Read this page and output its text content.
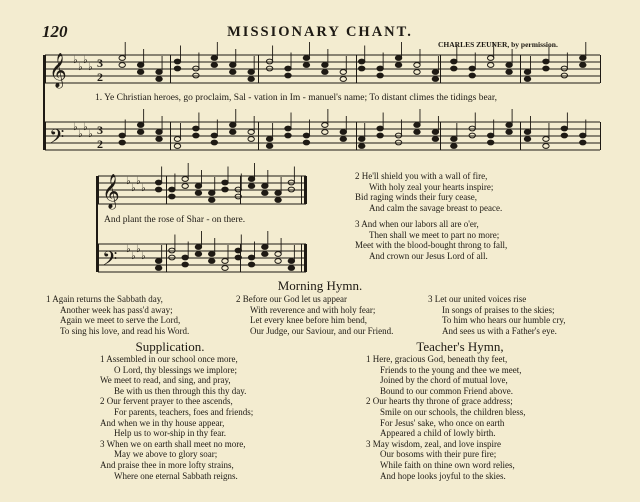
120	MISSIONARY CHANT.
CHARLES ZEUNER, by permission.
𝄞 ♭
♭
♭
♭ 3
2
𝄢 ♭
♭
♭
♭ 3
2
𝄞 ♭
♭
♭
♭
𝄢 ♭
♭
♭
♭
1. Ye Christian heroes, go proclaim, Sal - vation in Im - manuel's name; To distant climes the tidings bear,
And plant the rose of Shar - on there.
2 He'll shield you with a wall of fire,
With holy zeal your hearts inspire;
Bid raging winds their fury cease,
And calm the savage breast to peace.
3 And when our labors all are o'er,
Then shall we meet to part no more;
Meet with the blood-bought throng to fall,
And crown our Jesus Lord of all.
Morning Hymn.
1 Again returns the Sabbath day,
Another week has pass'd away;
Again we meet to serve the Lord,
To sing his love, and read his Word.
2 Before our God let us appear
With reverence and with holy fear;
Let every knee before him bend,
Our Judge, our Saviour, and our Friend.
3 Let our united voices rise
In songs of praises to the skies;
To him who hears our humble cry,
And sees us with a Father's eye.
Supplication.
1 Assembled in our school once more,
O Lord, thy blessings we implore;
We meet to read, and sing, and pray,
Be with us then through this thy day.
2 Our fervent prayer to thee ascends,
For parents, teachers, foes and friends;
And when we in thy house appear,
Help us to wor-ship in thy fear.
3 When we on earth shall meet no more,
May we above to glory soar;
And praise thee in more lofty strains,
Where one eternal Sabbath reigns.
Teacher's Hymn,
1 Here, gracious God, beneath thy feet,
Friends to the young and thee we meet,
Joined by the chord of mutual love,
Bound to our common Friend above.
2 Our hearts thy throne of grace address;
Smile on our schools, the children bless,
For Jesus' sake, who once on earth
Appeared a child of lowly birth.
3 May wisdom, zeal, and love inspire
Our bosoms with their pure fire;
While faith on thine own word relies,
And hope looks joyful to the skies.
